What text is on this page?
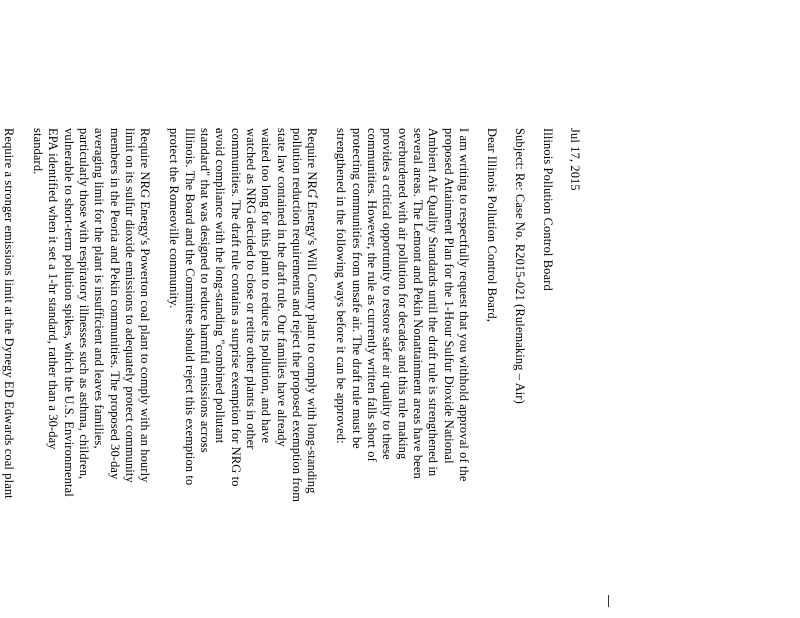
Jul 17, 2015

Illinois Pollution Control Board

Subject: Re: Case No. R2015-021 (Rulemaking – Air)

Dear Illinois Pollution Control Board,

I am writing to respectfully request that you withhold approval of the
proposed Attainment Plan for the 1-Hour Sulfur Dioxide National
Ambient Air Quality Standards until the draft rule is strengthened in
several areas. The Lemont and Pekin Nonattainment areas have been
overburdened with air pollution for decades and this rule making
provides a critical opportunity to restore safer air quality to these
communities. However, the rule as currently written falls short of
protecting communities from unsafe air. The draft rule must be
strengthened in the following ways before it can be approved:

Require NRG Energy's Will County plant to comply with long-standing
pollution reduction requirements and reject the proposed exemption from
state law contained in the draft rule. Our families have already
waited too long for this plant to reduce its pollution, and have
watched as NRG decided to close or retire other plants in other
communities. The draft rule contains a surprise exemption for NRG to
avoid compliance with the long-standing "combined pollutant
standard" that was designed to reduce harmful emissions across
Illinois. The Board and the Committee should reject this exemption to
protect the Romeoville community.

Require NRG Energy's Powerton coal plant to comply with an hourly
limit on its sulfur dioxide emissions to adequately protect community
members in the Peoria and Pekin communities. The proposed 30-day
averaging limit for the plant is insufficient and leaves families,
particularly those with respiratory illnesses such as asthma, children,
vulnerable to short-term pollution spikes, which the U.S. Environmental
EPA identified when it set a 1-hr standard, rather than a 30-day
standard.

Require a stronger emissions limit at the Dynegy ED Edwards coal plant
